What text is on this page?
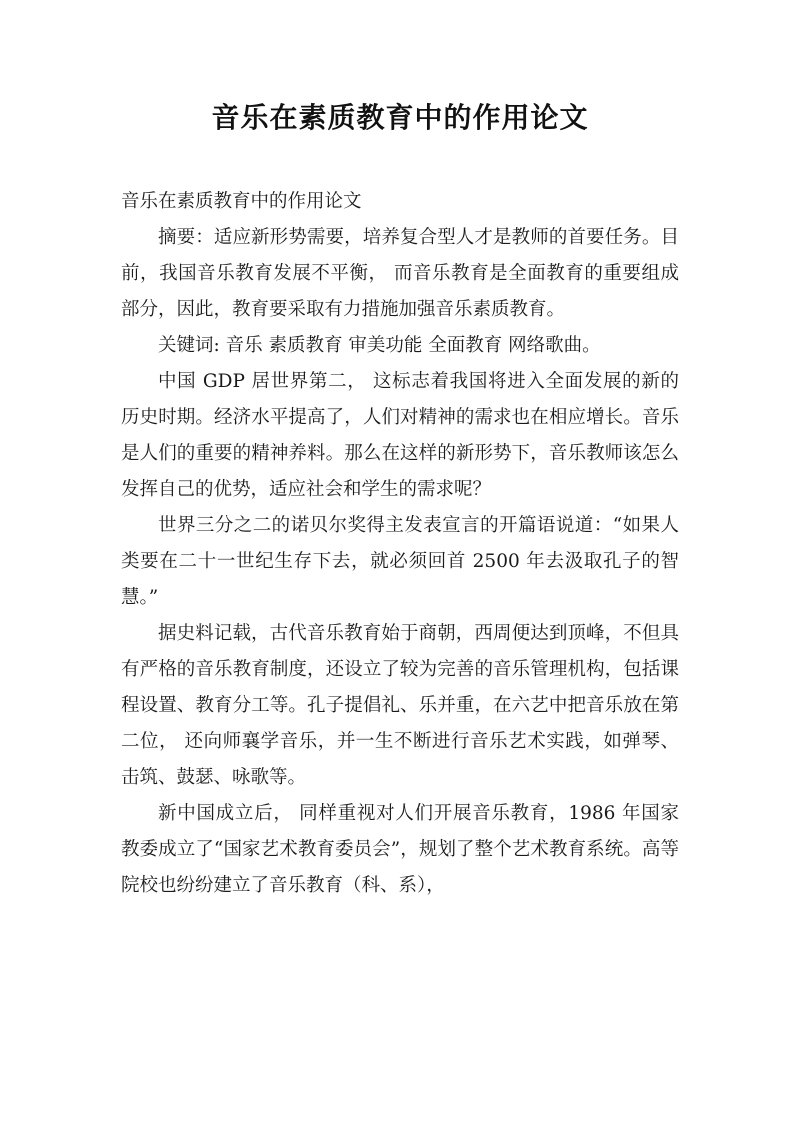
音乐在素质教育中的作用论文

音乐在素质教育中的作用论文

摘要：适应新形势需要，培养复合型人才是教师的首要任务。目前，我国音乐教育发展不平衡， 而音乐教育是全面教育的重要组成部分，因此，教育要采取有力措施加强音乐素质教育。

关键词: 音乐 素质教育 审美功能 全面教育 网络歌曲。

中国 GDP 居世界第二， 这标志着我国将进入全面发展的新的历史时期。经济水平提高了，人们对精神的需求也在相应增长。音乐是人们的重要的精神养料。那么在这样的新形势下，音乐教师该怎么发挥自己的优势，适应社会和学生的需求呢？

世界三分之二的诺贝尔奖得主发表宣言的开篇语说道：“如果人类要在二十一世纪生存下去，就必须回首 2500 年去汲取孔子的智慧。”

据史料记载，古代音乐教育始于商朝，西周便达到顶峰，不但具有严格的音乐教育制度，还设立了较为完善的音乐管理机构，包括课程设置、教育分工等。孔子提倡礼、乐并重，在六艺中把音乐放在第二位， 还向师襄学音乐，并一生不断进行音乐艺术实践，如弹琴、击筑、鼓瑟、咏歌等。

新中国成立后， 同样重视对人们开展音乐教育，1986 年国家教委成立了“国家艺术教育委员会”，规划了整个艺术教育系统。高等院校也纷纷建立了音乐教育（科、系），
